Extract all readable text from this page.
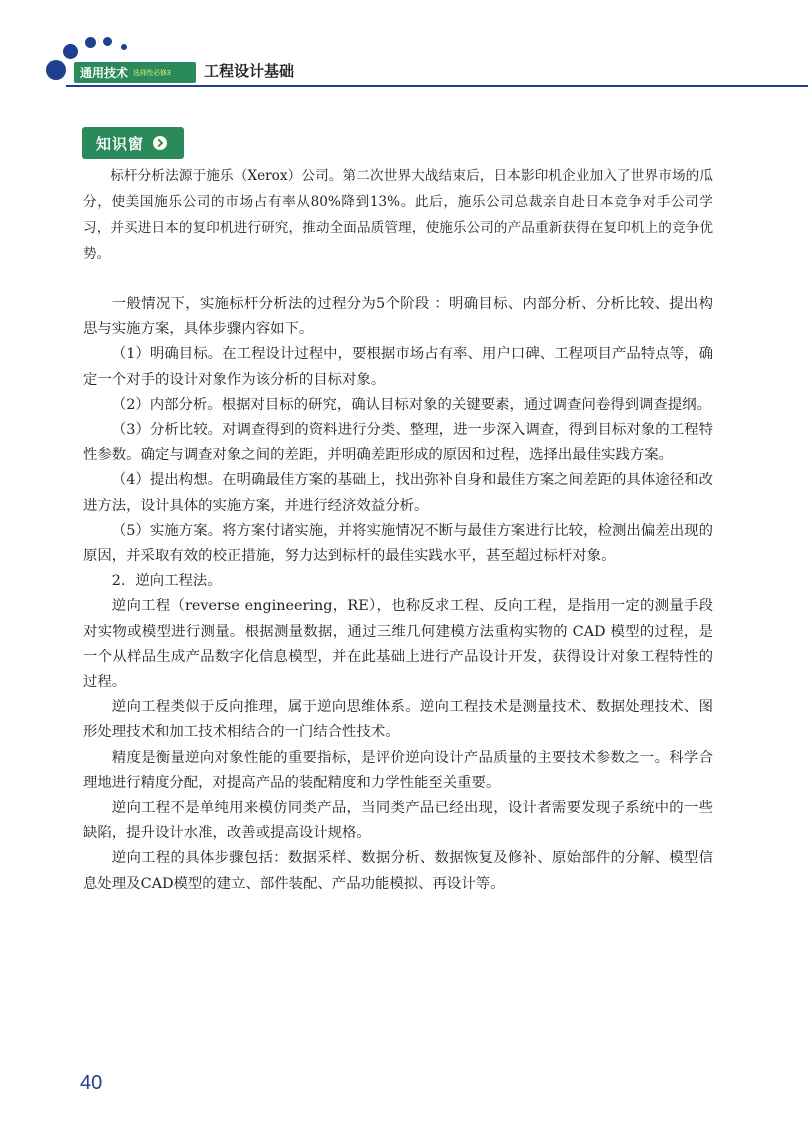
通用技术 选择性必修3 工程设计基础
知识窗

标杆分析法源于施乐（Xerox）公司。第二次世界大战结束后，日本影印机企业加入了世界市场的瓜分，使美国施乐公司的市场占有率从80%降到13%。此后，施乐公司总裁亲自赴日本竞争对手公司学习，并买进日本的复印机进行研究，推动全面品质管理，使施乐公司的产品重新获得在复印机上的竞争优势。

一般情况下，实施标杆分析法的过程分为5个阶段 ：明确目标、内部分析、分析比较、提出构思与实施方案，具体步骤内容如下。

（1）明确目标。在工程设计过程中，要根据市场占有率、用户口碑、工程项目产品特点等，确定一个对手的设计对象作为该分析的目标对象。

（2）内部分析。根据对目标的研究，确认目标对象的关键要素，通过调查问卷得到调查提纲。

（3）分析比较。对调查得到的资料进行分类、整理，进一步深入调查，得到目标对象的工程特性参数。确定与调查对象之间的差距，并明确差距形成的原因和过程，选择出最佳实践方案。

（4）提出构想。在明确最佳方案的基础上，找出弥补自身和最佳方案之间差距的具体途径和改进方法，设计具体的实施方案，并进行经济效益分析。

（5）实施方案。将方案付诸实施，并将实施情况不断与最佳方案进行比较，检测出偏差出现的原因，并采取有效的校正措施，努力达到标杆的最佳实践水平，甚至超过标杆对象。

2．逆向工程法。

逆向工程（reverse engineering，RE），也称反求工程、反向工程，是指用一定的测量手段对实物或模型进行测量。根据测量数据，通过三维几何建模方法重构实物的 CAD 模型的过程，是一个从样品生成产品数字化信息模型，并在此基础上进行产品设计开发，获得设计对象工程特性的过程。

逆向工程类似于反向推理，属于逆向思维体系。逆向工程技术是测量技术、数据处理技术、图形处理技术和加工技术相结合的一门结合性技术。

精度是衡量逆向对象性能的重要指标，是评价逆向设计产品质量的主要技术参数之一。科学合理地进行精度分配，对提高产品的装配精度和力学性能至关重要。

逆向工程不是单纯用来模仿同类产品，当同类产品已经出现，设计者需要发现子系统中的一些缺陷，提升设计水准，改善或提高设计规格。

逆向工程的具体步骤包括：数据采样、数据分析、数据恢复及修补、原始部件的分解、模型信息处理及CAD模型的建立、部件装配、产品功能模拟、再设计等。

40
